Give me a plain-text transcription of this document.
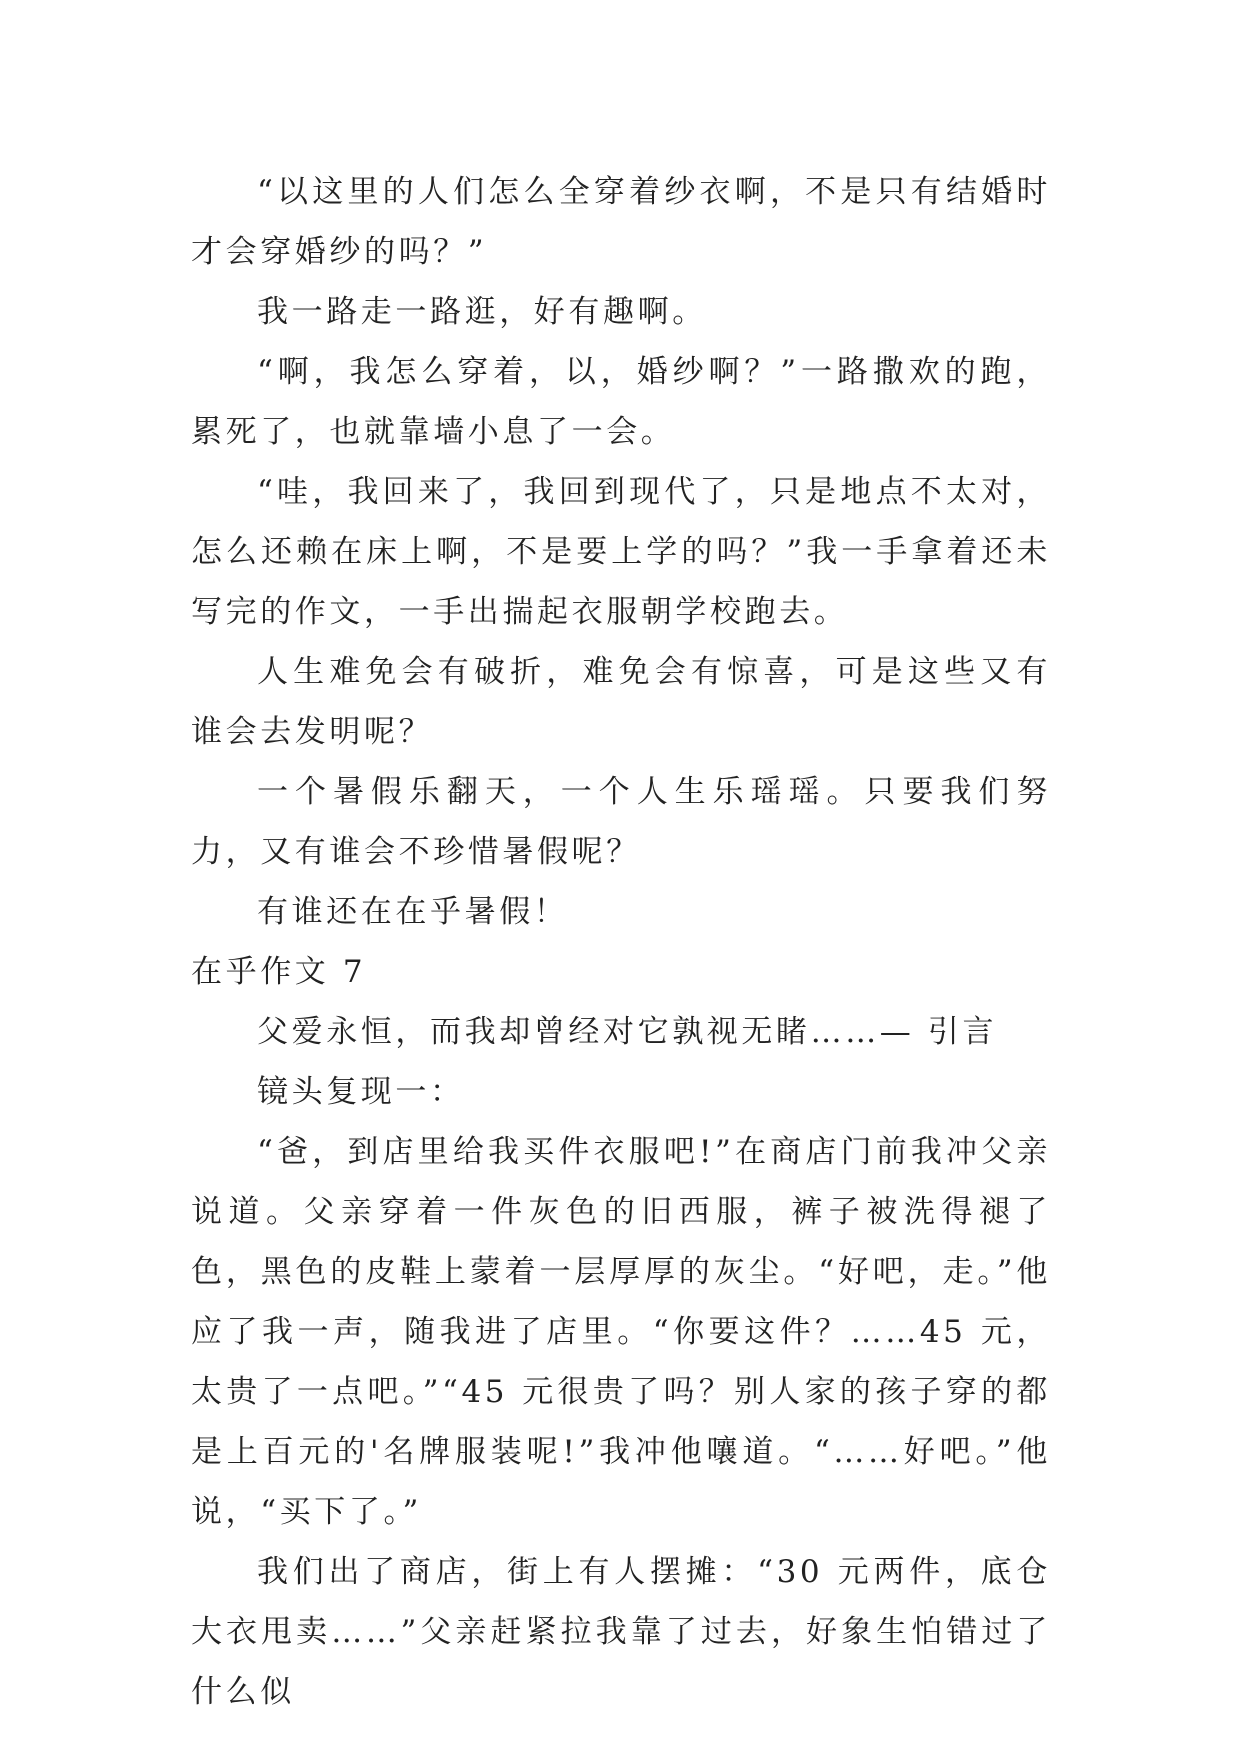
“以这里的人们怎么全穿着纱衣啊，不是只有结婚时才会穿婚纱的吗？”

我一路走一路逛，好有趣啊。

“啊，我怎么穿着，以，婚纱啊？”一路撒欢的跑，累死了，也就靠墙小息了一会。

“哇，我回来了，我回到现代了，只是地点不太对，怎么还赖在床上啊，不是要上学的吗？”我一手拿着还未写完的作文，一手出揣起衣服朝学校跑去。

人生难免会有破折，难免会有惊喜，可是这些又有谁会去发明呢？

一个暑假乐翻天，一个人生乐瑶瑶。只要我们努力，又有谁会不珍惜暑假呢？

有谁还在在乎暑假！

在乎作文 7

父爱永恒，而我却曾经对它孰视无睹……— 引言

镜头复现一：

“爸，到店里给我买件衣服吧!”在商店门前我冲父亲说道。父亲穿着一件灰色的旧西服，裤子被洗得褪了色，黑色的皮鞋上蒙着一层厚厚的灰尘。“好吧，走。”他应了我一声，随我进了店里。“你要这件？……45 元，太贵了一点吧。”“45 元很贵了吗？别人家的孩子穿的都是上百元的'名牌服装呢!”我冲他嚷道。“……好吧。”他说，“买下了。”

我们出了商店，街上有人摆摊：“30 元两件，底仓大衣甩卖……”父亲赶紧拉我靠了过去，好象生怕错过了什么似
